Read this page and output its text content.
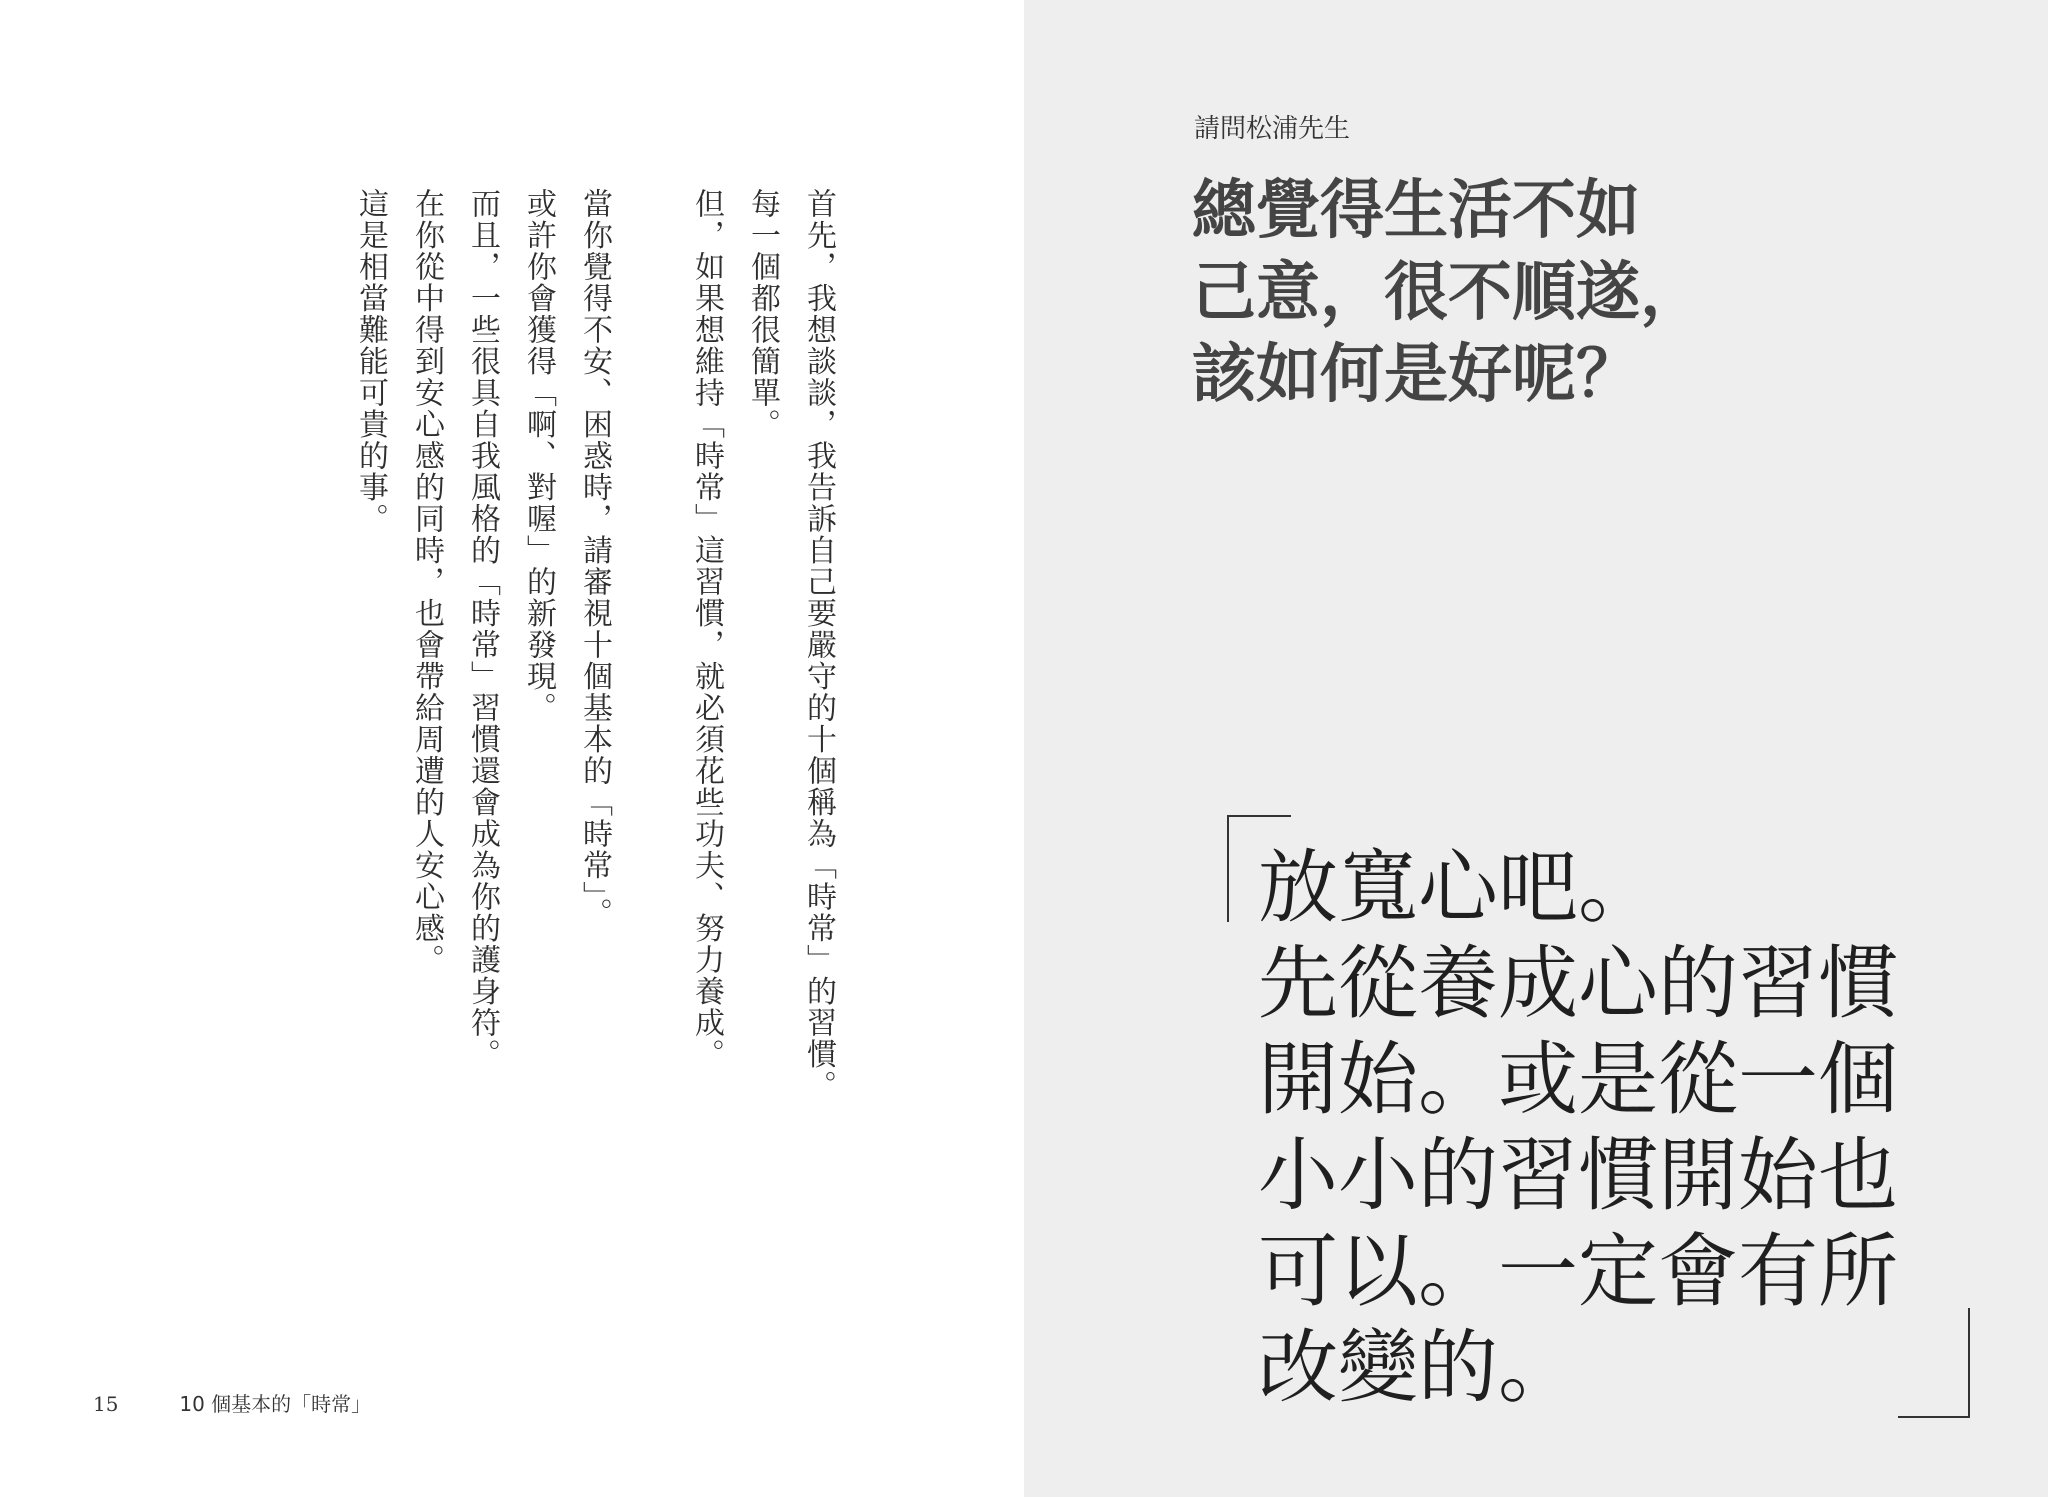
首先，我想談談，我告訴自己要嚴守的十個稱為「時常」的習慣。

每一個都很簡單。

但，如果想維持「時常」這習慣，就必須花些功夫、努力養成。

當你覺得不安、困惑時，請審視十個基本的「時常」。

或許你會獲得「啊、對喔」的新發現。

而且，一些很具自我風格的「時常」習慣還會成為你的護身符。

在你從中得到安心感的同時，也會帶給周遭的人安心感。

這是相當難能可貴的事。

15	10 個基本的「時常」
請問松浦先生
總覺得生活不如
己意，很不順遂，
該如何是好呢？
放寬心吧。
先從養成心的習慣
開始。或是從一個
小小的習慣開始也
可以。一定會有所
改變的。
